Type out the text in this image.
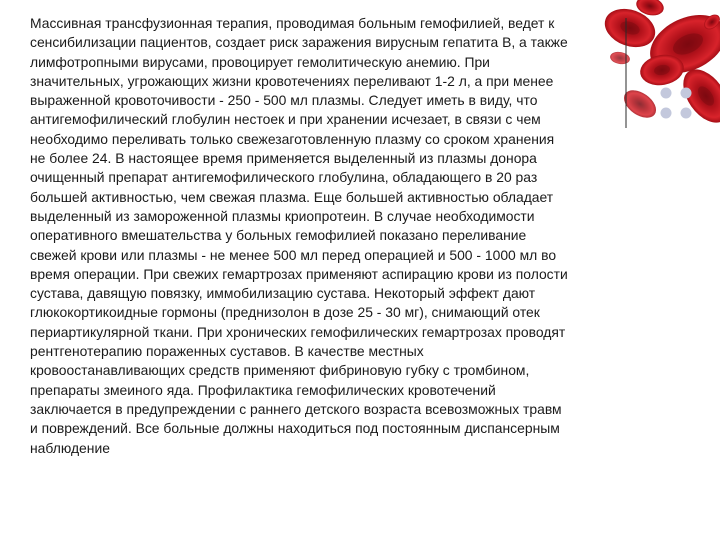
Массивная трансфузионная терапия, проводимая больным гемофилией, ведет к
сенсибилизации пациентов, создает риск заражения вирусным гепатита В, а также
лимфотропными вирусами, провоцирует гемолитическую анемию. При
значительных, угрожающих жизни кровотечениях переливают 1-2 л, а при менее
выраженной кровоточивости - 250 - 500 мл плазмы. Следует иметь в виду, что
антигемофилический глобулин нестоек и при хранении исчезает, в связи с чем
необходимо переливать только свежезаготовленную плазму со сроком хранения
не более 24. В настоящее время применяется выделенный из плазмы донора
очищенный препарат антигемофилического глобулина, обладающего в 20 раз
большей активностью, чем свежая плазма. Еще большей активностью обладает
выделенный из замороженной плазмы криопротеин. В случае необходимости
оперативного вмешательства у больных гемофилией показано переливание
свежей крови или плазмы - не менее 500 мл перед операцией и 500 - 1000 мл во
время операции. При свежих гемартрозах применяют аспирацию крови из полости
сустава, давящую повязку, иммобилизацию сустава. Некоторый эффект дают
глюкокортикоидные гормоны (преднизолон в дозе 25 - 30 мг), снимающий отек
периартикулярной ткани. При хронических гемофилических гемартрозах проводят
рентгенотерапию пораженных суставов. В качестве местных
кровоостанавливающих средств применяют фибриновую губку с тромбином,
препараты змеиного яда. Профилактика гемофилических кровотечений
заключается в предупреждении с раннего детского возраста всевозможных травм
и повреждений. Все больные должны находиться под постоянным диспансерным
наблюдение
